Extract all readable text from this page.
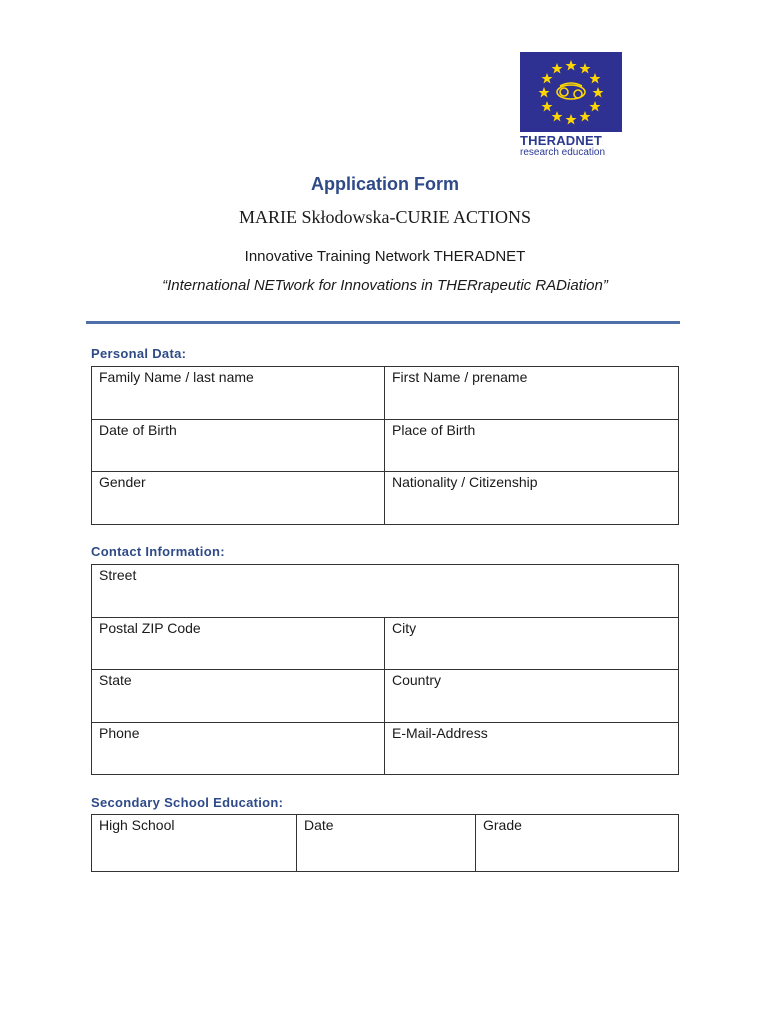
THERADNET
research education
Application Form
MARIE Skłodowska-CURIE ACTIONS
Innovative Training Network THERADNET
“International NETwork for Innovations in THERrapeutic RADiation”
Personal Data:
Family Name / last name	First Name / prename
Date of Birth	Place of Birth
Gender	Nationality / Citizenship
Contact Information:
Street	
Postal ZIP Code	City
State	Country
Phone	E-Mail-Address
Secondary School Education:
High School	Date	Grade
